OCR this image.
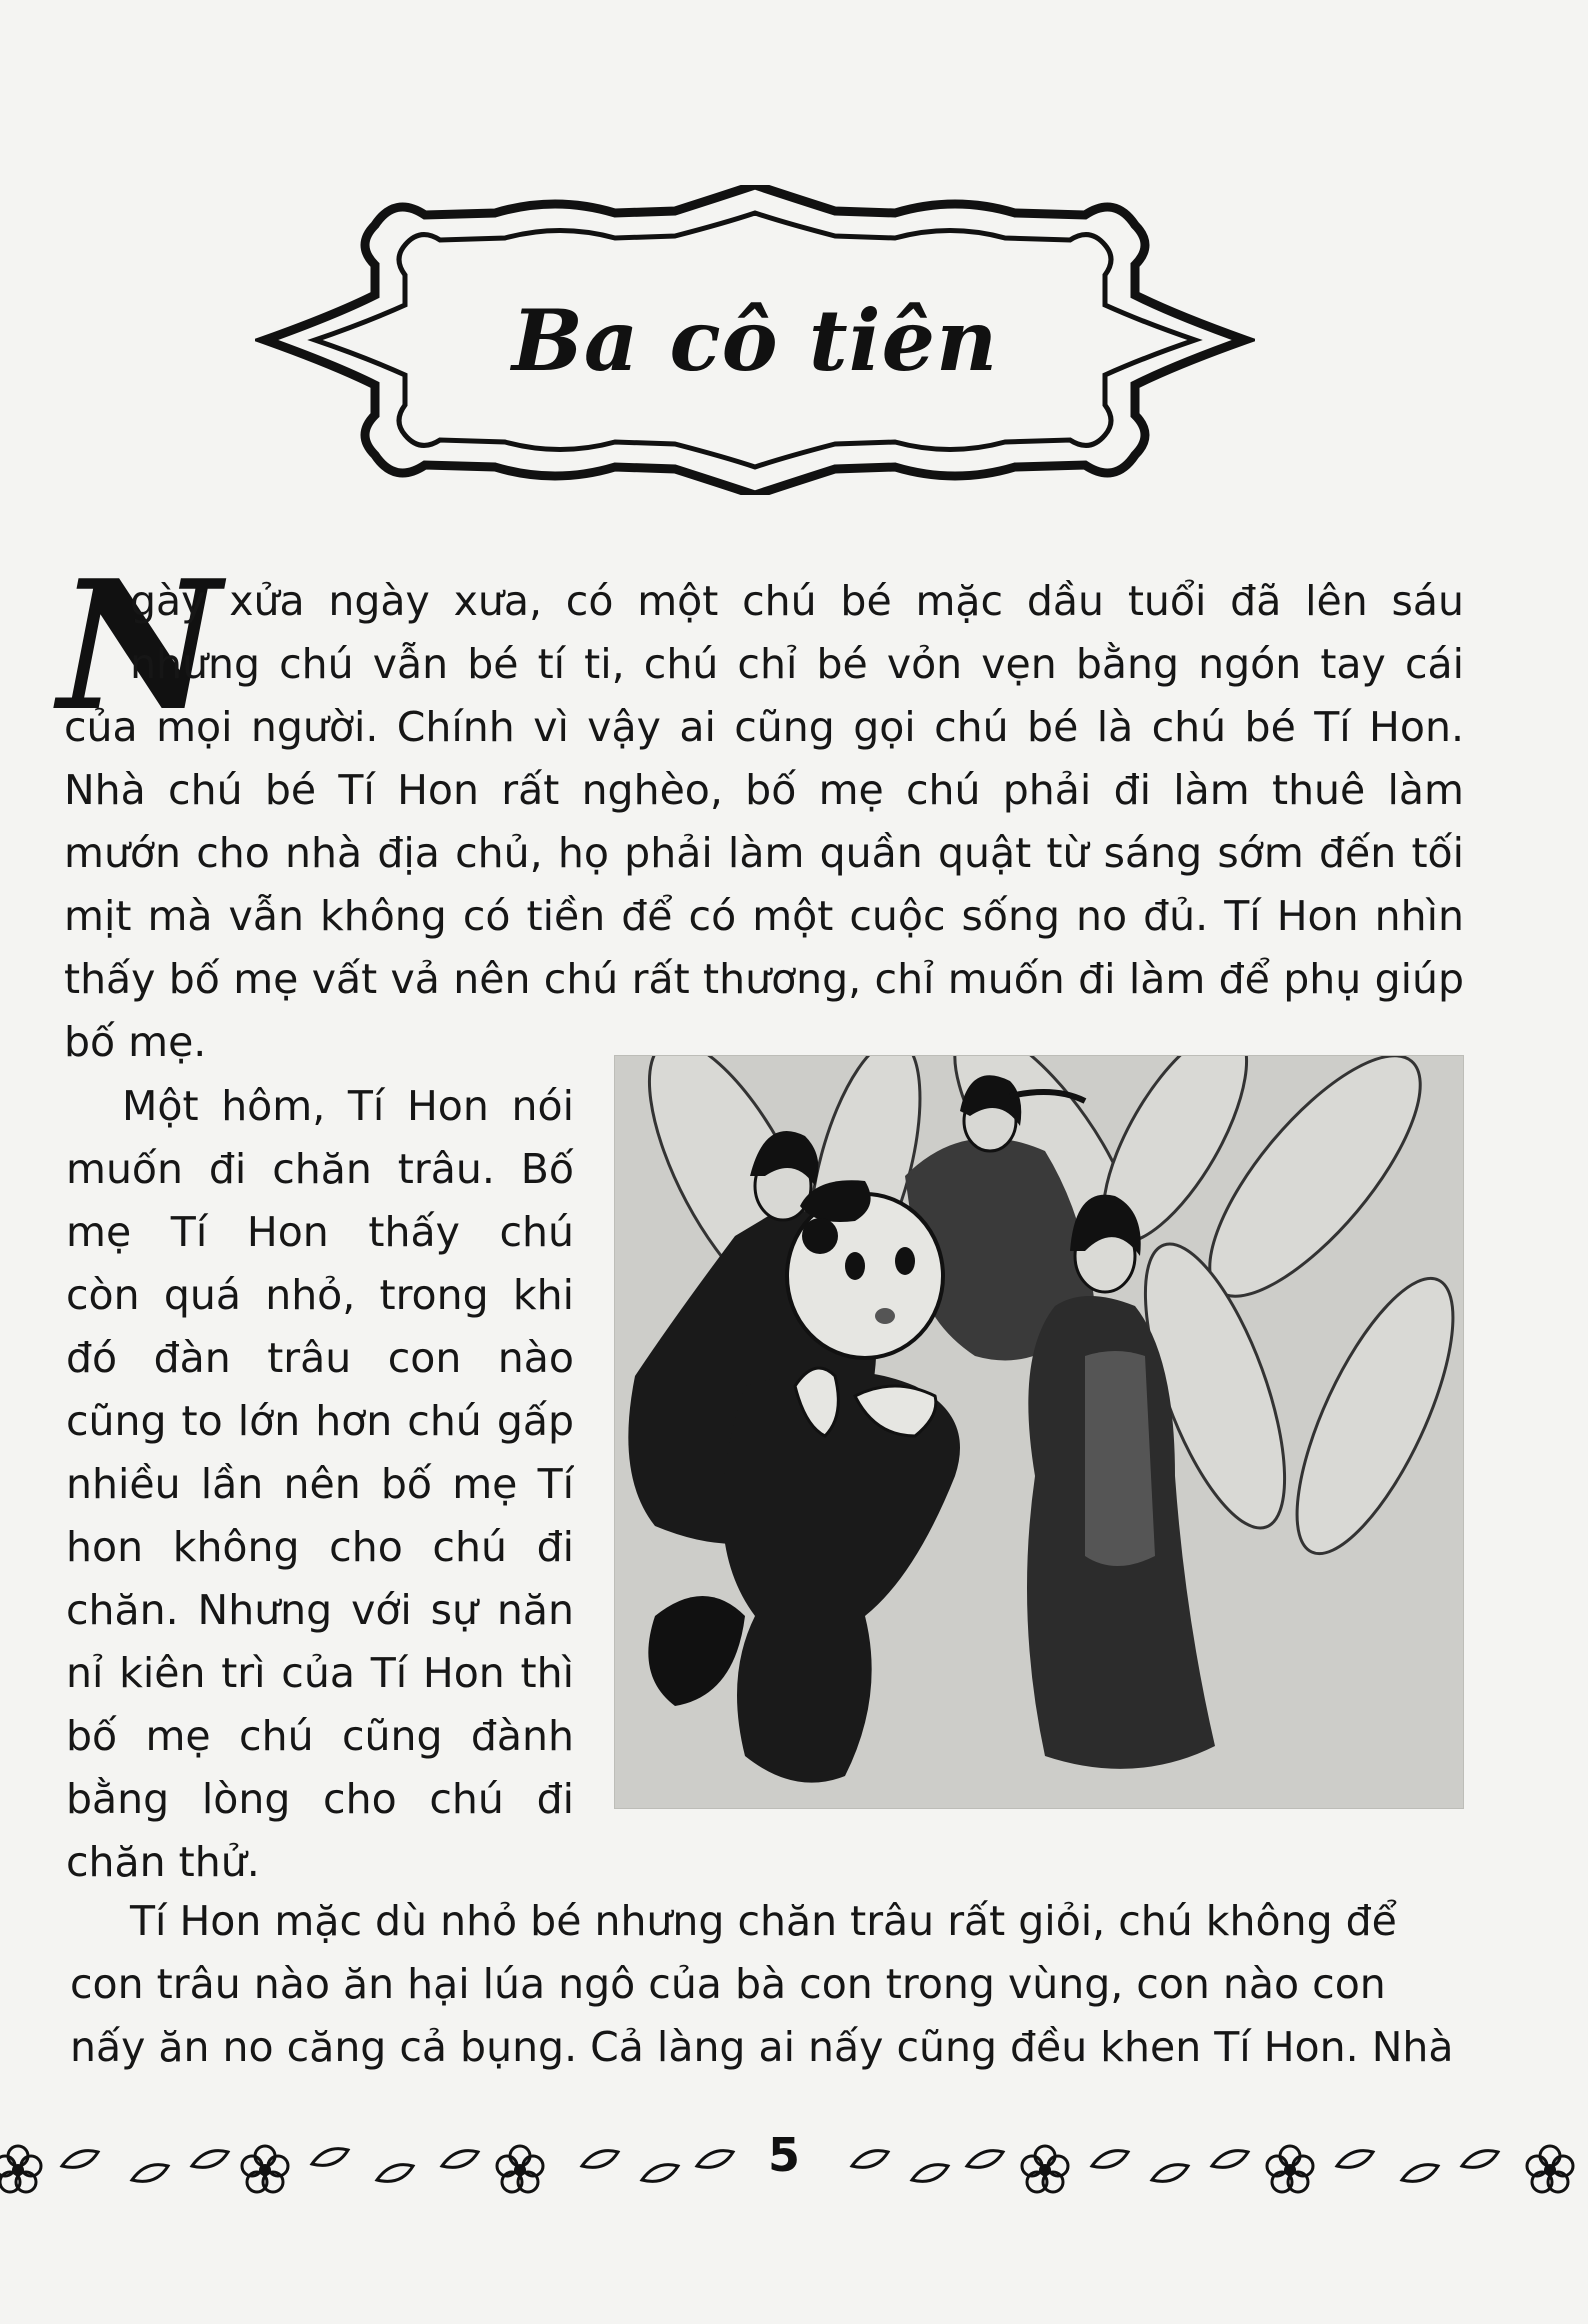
Ba cô tiên
N
gày xửa ngày xưa, có một chú bé mặc dầu tuổi đã lên sáu
nhưng chú vẫn bé tí ti, chú chỉ bé vỏn vẹn bằng ngón tay cái
của mọi người. Chính vì vậy ai cũng gọi chú bé là chú bé Tí Hon.
Nhà chú bé Tí Hon rất nghèo, bố mẹ chú phải đi làm thuê làm
mướn cho nhà địa chủ, họ phải làm quần quật từ sáng sớm đến tối
mịt mà vẫn không có tiền để có một cuộc sống no đủ. Tí Hon nhìn
thấy bố mẹ vất vả nên chú rất thương, chỉ muốn đi làm để phụ giúp
bố mẹ.
Một hôm, Tí Hon nói
muốn đi chăn trâu. Bố
mẹ Tí Hon thấy chú
còn quá nhỏ, trong khi
đó đàn trâu con nào
cũng to lớn hơn chú gấp
nhiều lần nên bố mẹ Tí
hon không cho chú đi
chăn. Nhưng với sự năn
nỉ kiên trì của Tí Hon thì
bố mẹ chú cũng đành
bằng lòng cho chú đi
chăn thử.
Tí Hon mặc dù nhỏ bé nhưng chăn trâu rất giỏi, chú không để
con trâu nào ăn hại lúa ngô của bà con trong vùng, con nào con
nấy ăn no căng cả bụng. Cả làng ai nấy cũng đều khen Tí Hon. Nhà
5
